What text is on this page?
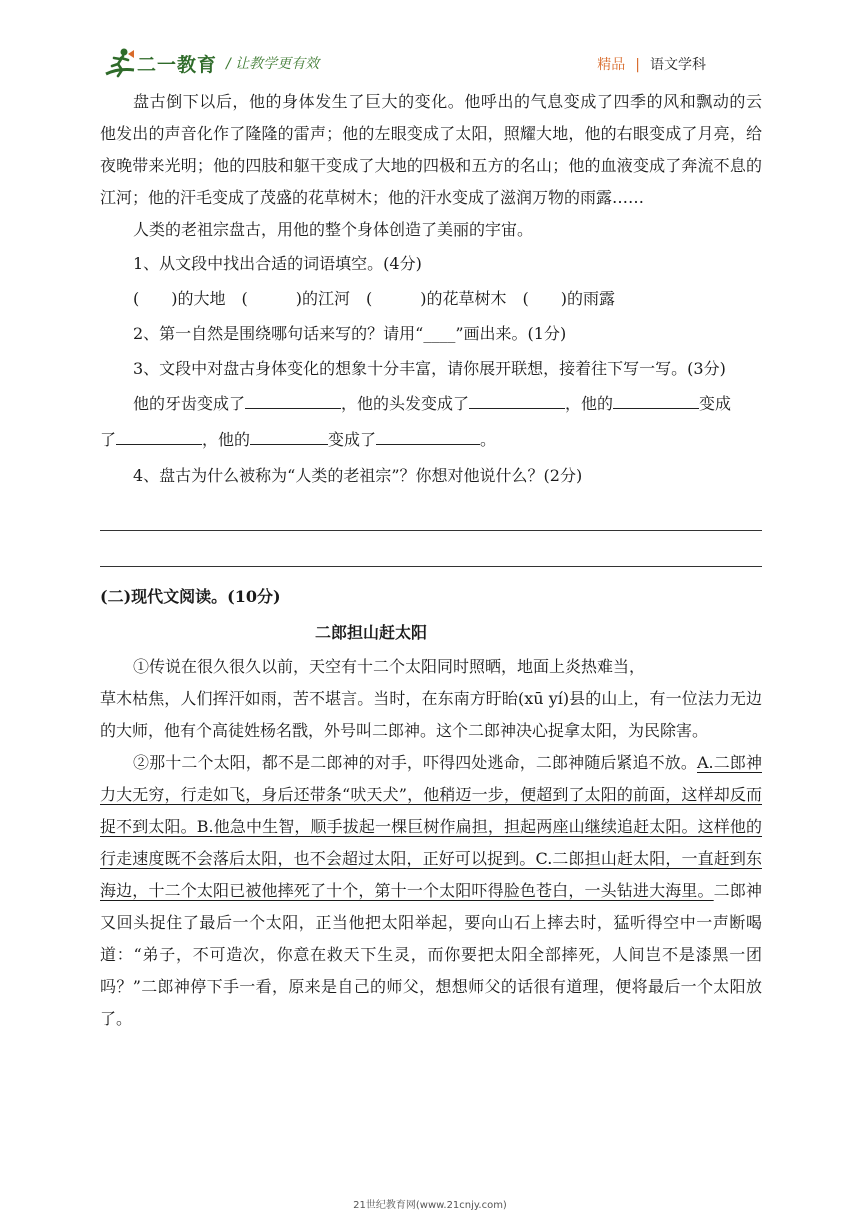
二一教育 / 让教学更有效	精品 | 语文学科

盘古倒下以后，他的身体发生了巨大的变化。他呼出的气息变成了四季的风和飘动的云 他发出的声音化作了隆隆的雷声；他的左眼变成了太阳，照耀大地，他的右眼变成了月亮，给夜晚带来光明；他的四肢和躯干变成了大地的四极和五方的名山；他的血液变成了奔流不息的江河；他的汗毛变成了茂盛的花草树木；他的汗水变成了滋润万物的雨露……

人类的老祖宗盘古，用他的整个身体创造了美丽的宇宙。

1、从文段中找出合适的词语填空。(4分)

(　　)的大地　(　　　)的江河　(　　　)的花草树木　(　　)的雨露

2、第一自然是围绕哪句话来写的？请用“____”画出来。(1分)

3、文段中对盘古身体变化的想象十分丰富，请你展开联想，接着往下写一写。(3分)

他的牙齿变成了	，他的头发变成了	，他的	变成

了	，他的	变成了	。

4、盘古为什么被称为“人类的老祖宗”？你想对他说什么？(2分)

(二)现代文阅读。(10分)

二郎担山赶太阳

①传说在很久很久以前，天空有十二个太阳同时照晒，地面上炎热难当，

草木枯焦，人们挥汗如雨，苦不堪言。当时，在东南方盱眙(xū yí)县的山上，有一位法力无边的大师，他有个高徒姓杨名戬，外号叫二郎神。这个二郎神决心捉拿太阳，为民除害。

②那十二个太阳，都不是二郎神的对手，吓得四处逃命，二郎神随后紧追不放。A.二郎神力大无穷，行走如飞，身后还带条“吠天犬”，他稍迈一步，便超到了太阳的前面，这样却反而捉不到太阳。B.他急中生智，顺手拔起一棵巨树作扁担，担起两座山继续追赶太阳。这样他的行走速度既不会落后太阳，也不会超过太阳，正好可以捉到。C.二郎担山赶太阳，一直赶到东海边，十二个太阳已被他摔死了十个，第十一个太阳吓得脸色苍白，一头钻进大海里。二郎神又回头捉住了最后一个太阳，正当他把太阳举起，要向山石上摔去时，猛听得空中一声断喝道：“弟子，不可造次，你意在救天下生灵，而你要把太阳全部摔死，人间岂不是漆黑一团吗？”二郎神停下手一看，原来是自己的师父，想想师父的话很有道理，便将最后一个太阳放了。

21世纪教育网(www.21cnjy.com)
